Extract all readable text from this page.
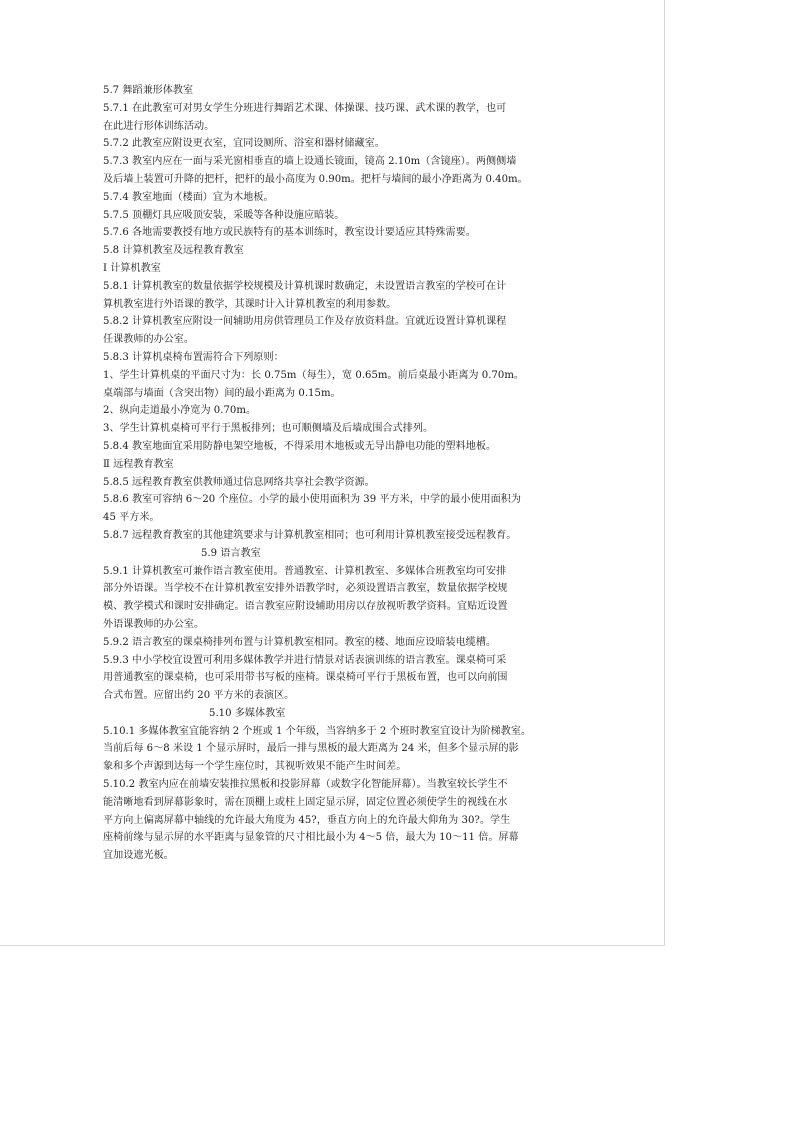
5.7 舞蹈兼形体教室
5.7.1 在此教室可对男女学生分班进行舞蹈艺术课、体操课、技巧课、武术课的教学，也可
在此进行形体训练活动。
5.7.2 此教室应附设更衣室，宜同设厕所、浴室和器材储藏室。
5.7.3 教室内应在一面与采光窗相垂直的墙上设通长镜面，镜高 2.10m（含镜座）。两侧侧墙
及后墙上装置可升降的把杆，把杆的最小高度为 0.90m。把杆与墙间的最小净距离为 0.40m。
5.7.4 教室地面（楼面）宜为木地板。
5.7.5 顶棚灯具应吸顶安装，采暖等各种设施应暗装。
5.7.6 各地需要教授有地方或民族特有的基本训练时，教室设计要适应其特殊需要。
5.8 计算机教室及远程教育教室
Ⅰ 计算机教室
5.8.1 计算机教室的数量依据学校规模及计算机课时数确定，未设置语言教室的学校可在计
算机教室进行外语课的教学，其课时计入计算机教室的利用参数。
5.8.2 计算机教室应附设一间辅助用房供管理员工作及存放资料盘。宜就近设置计算机课程
任课教师的办公室。
5.8.3 计算机桌椅布置需符合下列原则：
1、学生计算机桌的平面尺寸为：长 0.75m（每生），宽 0.65m。前后桌最小距离为 0.70m。
桌端部与墙面（含突出物）间的最小距离为 0.15m。
2、纵向走道最小净宽为 0.70m。
3、学生计算机桌椅可平行于黑板排列；也可顺侧墙及后墙成围合式排列。
5.8.4 教室地面宜采用防静电架空地板，不得采用木地板或无导出静电功能的塑料地板。
Ⅱ 远程教育教室
5.8.5 远程教育教室供教师通过信息网络共享社会教学资源。
5.8.6 教室可容纳 6～20 个座位。小学的最小使用面积为 39 平方米，中学的最小使用面积为
45 平方米。
5.8.7 远程教育教室的其他建筑要求与计算机教室相同；也可利用计算机教室接受远程教育。
5.9 语言教室
5.9.1 计算机教室可兼作语言教室使用。普通教室、计算机教室、多媒体合班教室均可安排
部分外语课。当学校不在计算机教室安排外语教学时，必须设置语言教室，数量依据学校规
模、教学模式和课时安排确定。语言教室应附设辅助用房以存放视听教学资料。宜贴近设置
外语课教师的办公室。
5.9.2 语言教室的课桌椅排列布置与计算机教室相同。教室的楼、地面应设暗装电缆槽。
5.9.3 中小学校宜设置可利用多媒体教学并进行情景对话表演训练的语言教室。课桌椅可采
用普通教室的课桌椅，也可采用带书写板的座椅。课桌椅可平行于黑板布置，也可以向前围
合式布置。应留出约 20 平方米的表演区。
5.10 多媒体教室
5.10.1 多媒体教室宜能容纳 2 个班或 1 个年级，当容纳多于 2 个班时教室宜设计为阶梯教室。
当前后每 6～8 米设 1 个显示屏时，最后一排与黑板的最大距离为 24 米，但多个显示屏的影
象和多个声源到达每一个学生座位时，其视听效果不能产生时间差。
5.10.2 教室内应在前墙安装推拉黑板和投影屏幕（或数字化智能屏幕）。当教室较长学生不
能清晰地看到屏幕影象时，需在顶棚上或柱上固定显示屏，固定位置必须使学生的视线在水
平方向上偏离屏幕中轴线的允许最大角度为 45?，垂直方向上的允许最大仰角为 30?。学生
座椅前缘与显示屏的水平距离与显象管的尺寸相比最小为 4～5 倍，最大为 10～11 倍。屏幕
宜加设遮光板。
